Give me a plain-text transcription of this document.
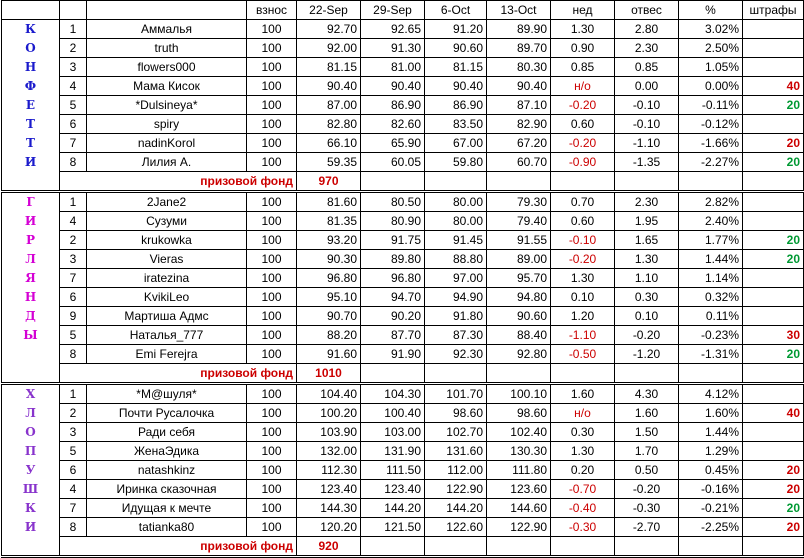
			взнос	22-Sep	29-Sep	6-Oct	13-Oct	нед	отвес	%	штрафы
К	1	Аммалья	100	92.70	92.65	91.20	89.90	1.30	2.80	3.02%	
О	2	truth	100	92.00	91.30	90.60	89.70	0.90	2.30	2.50%	
Н	3	flowers000	100	81.15	81.00	81.15	80.30	0.85	0.85	1.05%	
Ф	4	Мама Кисок	100	90.40	90.40	90.40	90.40	н/о	0.00	0.00%	40
Е	5	*Dulsineya*	100	87.00	86.90	86.90	87.10	-0.20	-0.10	-0.11%	20
Т	6	spiry	100	82.80	82.60	83.50	82.90	0.60	-0.10	-0.12%	
Т	7	nadinKorol	100	66.10	65.90	67.00	67.20	-0.20	-1.10	-1.66%	20
И	8	Лилия А.	100	59.35	60.05	59.80	60.70	-0.90	-1.35	-2.27%	20
	призовой фонд			970							
Г	1	2Jane2	100	81.60	80.50	80.00	79.30	0.70	2.30	2.82%	
И	4	Сузуми	100	81.35	80.90	80.00	79.40	0.60	1.95	2.40%	
Р	2	krukowka	100	93.20	91.75	91.45	91.55	-0.10	1.65	1.77%	20
Л	3	Vieras	100	90.30	89.80	88.80	89.00	-0.20	1.30	1.44%	20
Я	7	iratezina	100	96.80	96.80	97.00	95.70	1.30	1.10	1.14%	
Н	6	KvikiLeo	100	95.10	94.70	94.90	94.80	0.10	0.30	0.32%	
Д	9	Мартиша Адмс	100	90.70	90.20	91.80	90.60	1.20	0.10	0.11%	
Ы	5	Наталья_777	100	88.20	87.70	87.30	88.40	-1.10	-0.20	-0.23%	30
	8	Emi Ferejra	100	91.60	91.90	92.30	92.80	-0.50	-1.20	-1.31%	20
	призовой фонд			1010							
Х	1	*M@шуля*	100	104.40	104.30	101.70	100.10	1.60	4.30	4.12%	
Л	2	Почти Русалочка	100	100.20	100.40	98.60	98.60	н/о	1.60	1.60%	40
О	3	Ради себя	100	103.90	103.00	102.70	102.40	0.30	1.50	1.44%	
П	5	ЖенаЭдика	100	132.00	131.90	131.60	130.30	1.30	1.70	1.29%	
У	6	natashkinz	100	112.30	111.50	112.00	111.80	0.20	0.50	0.45%	20
Ш	4	Иринка сказочная	100	123.40	123.40	122.90	123.60	-0.70	-0.20	-0.16%	20
К	7	Идущая к мечте	100	144.30	144.20	144.20	144.60	-0.40	-0.30	-0.21%	20
И	8	tatianka80	100	120.20	121.50	122.60	122.90	-0.30	-2.70	-2.25%	20
	призовой фонд			920							
